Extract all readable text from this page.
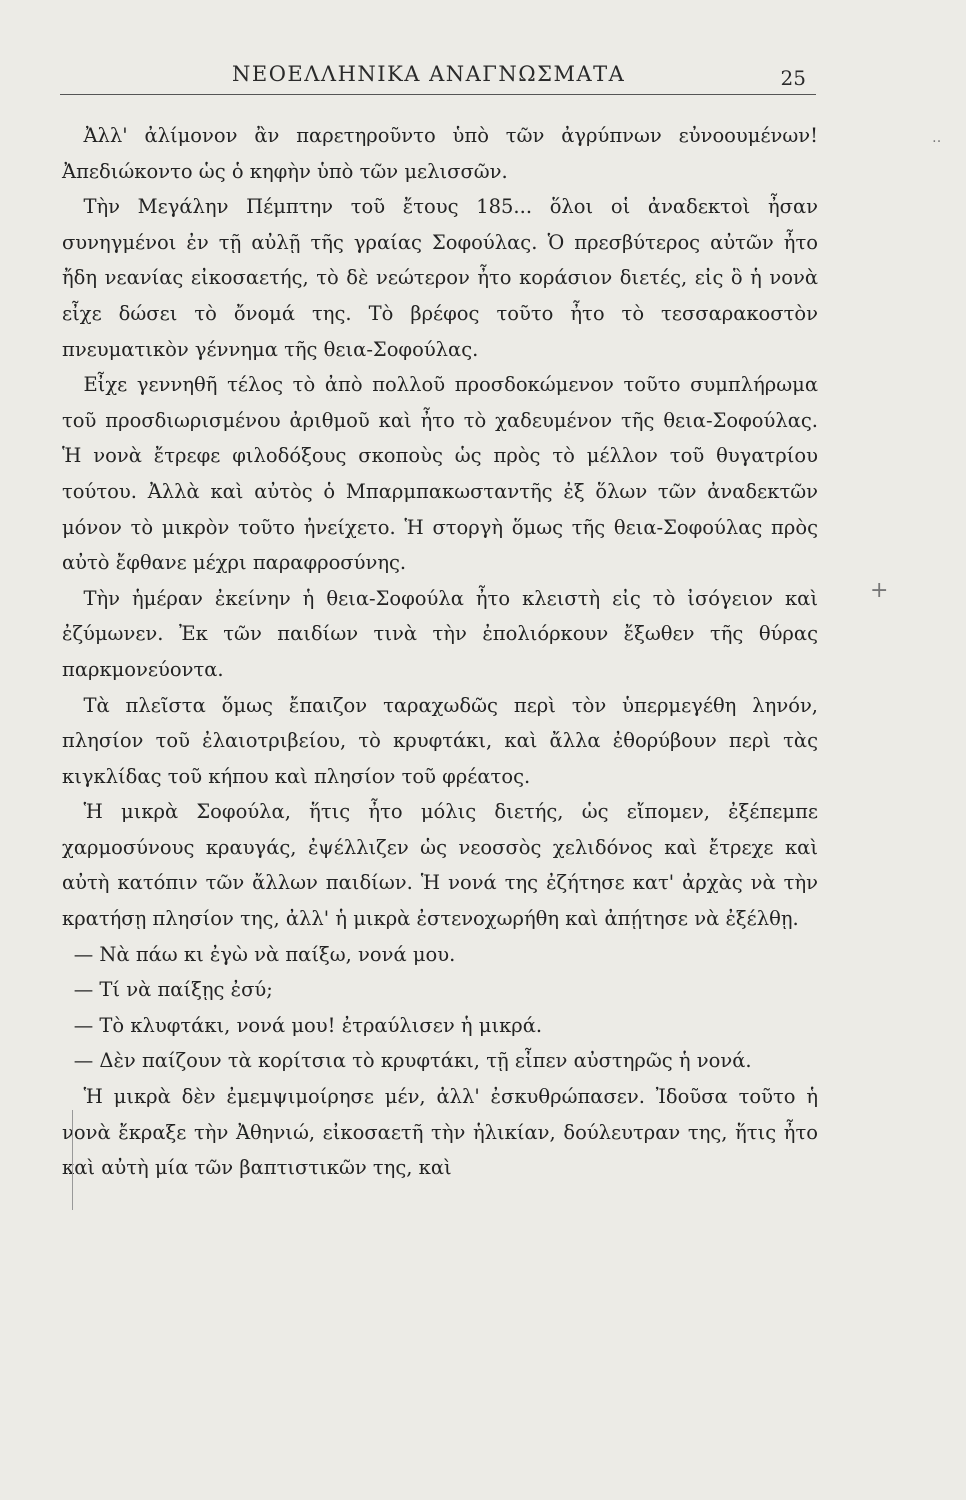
ΝΕΟΕΛΛΗΝΙΚΑ ΑΝΑΓΝΩΣΜΑΤΑ	25

Ἀλλ' ἀλίμονον ἂν παρετηροῦντο ὑπὸ τῶν ἀγρύπνων εὐνοουμένων! Ἀπεδιώκοντο ὡς ὁ κηφὴν ὑπὸ τῶν μελισσῶν.

Τὴν Μεγάλην Πέμπτην τοῦ ἔτους 185... ὅλοι οἱ ἀναδεκτοὶ ἦσαν συνηγμένοι ἐν τῇ αὐλῇ τῆς γραίας Σοφούλας. Ὁ πρεσβύτερος αὐτῶν ἦτο ἤδη νεανίας εἰκοσαετής, τὸ δὲ νεώτερον ἦτο κοράσιον διετές, εἰς ὃ ἡ νονὰ εἶχε δώσει τὸ ὄνομά της. Τὸ βρέφος τοῦτο ἦτο τὸ τεσσαρακοστὸν πνευματικὸν γέννημα τῆς θεια-Σοφούλας.

Εἶχε γεννηθῆ τέλος τὸ ἀπὸ πολλοῦ προσδοκώμενον τοῦτο συμπλήρωμα τοῦ προσδιωρισμένου ἀριθμοῦ καὶ ἦτο τὸ χαδευμένον τῆς θεια-Σοφούλας. Ἡ νονὰ ἔτρεφε φιλοδόξους σκοποὺς ὡς πρὸς τὸ μέλλον τοῦ θυγατρίου τούτου. Ἀλλὰ καὶ αὐτὸς ὁ Μπαρμπακωσταντῆς ἐξ ὅλων τῶν ἀναδεκτῶν μόνον τὸ μικρὸν τοῦτο ἠνείχετο. Ἡ στοργὴ ὅμως τῆς θεια-Σοφούλας πρὸς αὐτὸ ἔφθανε μέχρι παραφροσύνης.

Τὴν ἡμέραν ἐκείνην ἡ θεια-Σοφούλα ἦτο κλειστὴ εἰς τὸ ἰσόγειον καὶ ἐζύμωνεν. Ἐκ τῶν παιδίων τινὰ τὴν ἐπολιόρκουν ἔξωθεν τῆς θύρας παρκμονεύοντα.

Τὰ πλεῖστα ὅμως ἔπαιζον ταραχωδῶς περὶ τὸν ὑπερμεγέθη ληνόν, πλησίον τοῦ ἐλαιοτριβείου, τὸ κρυφτάκι, καὶ ἄλλα ἐθορύβουν περὶ τὰς κιγκλίδας τοῦ κήπου καὶ πλησίον τοῦ φρέατος.

Ἡ μικρὰ Σοφούλα, ἥτις ἦτο μόλις διετής, ὡς εἴπομεν, ἐξέπεμπε χαρμοσύνους κραυγάς, ἐψέλλιζεν ὡς νεοσσὸς χελιδόνος καὶ ἔτρεχε καὶ αὐτὴ κατόπιν τῶν ἄλλων παιδίων. Ἡ νονά της ἐζήτησε κατ' ἀρχὰς νὰ τὴν κρατήσῃ πλησίον της, ἀλλ' ἡ μικρὰ ἐστενοχωρήθη καὶ ἀπῄτησε νὰ ἐξέλθῃ.

— Νὰ πάω κι ἐγὼ νὰ παίξω, νονά μου.

— Τί νὰ παίξῃς ἐσύ;

— Τὸ κλυφτάκι, νονά μου! ἐτραύλισεν ἡ μικρά.

— Δὲν παίζουν τὰ κορίτσια τὸ κρυφτάκι, τῇ εἶπεν αὐστηρῶς ἡ νονά.

Ἡ μικρὰ δὲν ἐμεμψιμοίρησε μέν, ἀλλ' ἐσκυθρώπασεν. Ἰδοῦσα τοῦτο ἡ νονὰ ἔκραξε τὴν Ἀθηνιώ, εἰκοσαετῆ τὴν ἡλικίαν, δούλευτραν της, ἥτις ἦτο καὶ αὐτὴ μία τῶν βαπτιστικῶν της, καὶ

‥
+
